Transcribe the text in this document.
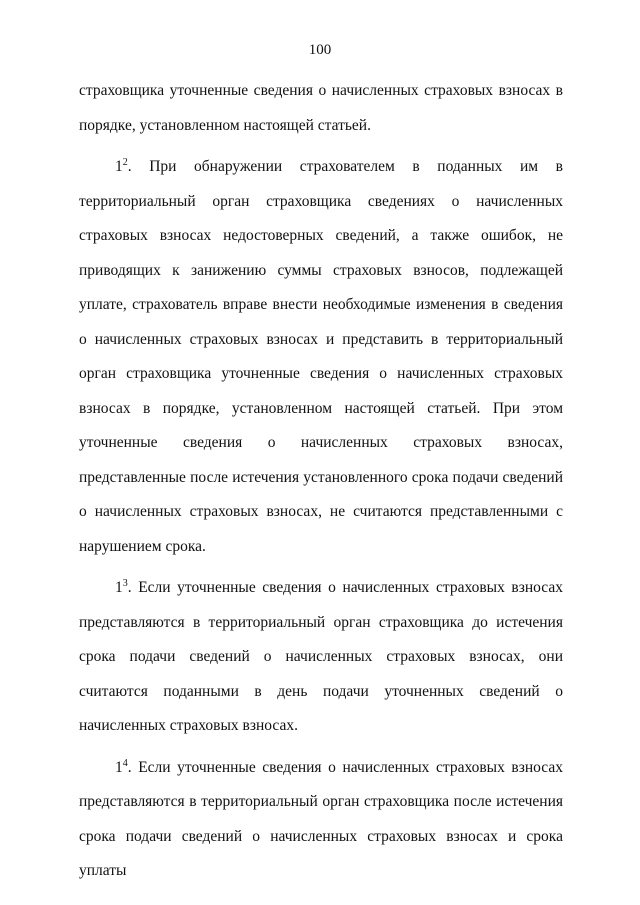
100

страховщика уточненные сведения о начисленных страховых взносах в порядке, установленном настоящей статьей.

$1^2$. При обнаружении страхователем в поданных им в территориальный орган страховщика сведениях о начисленных страховых взносах недостоверных сведений, а также ошибок, не приводящих к занижению суммы страховых взносов, подлежащей уплате, страхователь вправе внести необходимые изменения в сведения о начисленных страховых взносах и представить в территориальный орган страховщика уточненные сведения о начисленных страховых взносах в порядке, установленном настоящей статьей. При этом уточненные сведения о начисленных страховых взносах, представленные после истечения установленного срока подачи сведений о начисленных страховых взносах, не считаются представленными с нарушением срока.

$1^3$. Если уточненные сведения о начисленных страховых взносах представляются в территориальный орган страховщика до истечения срока подачи сведений о начисленных страховых взносах, они считаются поданными в день подачи уточненных сведений о начисленных страховых взносах.

$1^4$. Если уточненные сведения о начисленных страховых взносах представляются в территориальный орган страховщика после истечения срока подачи сведений о начисленных страховых взносах и срока уплаты
